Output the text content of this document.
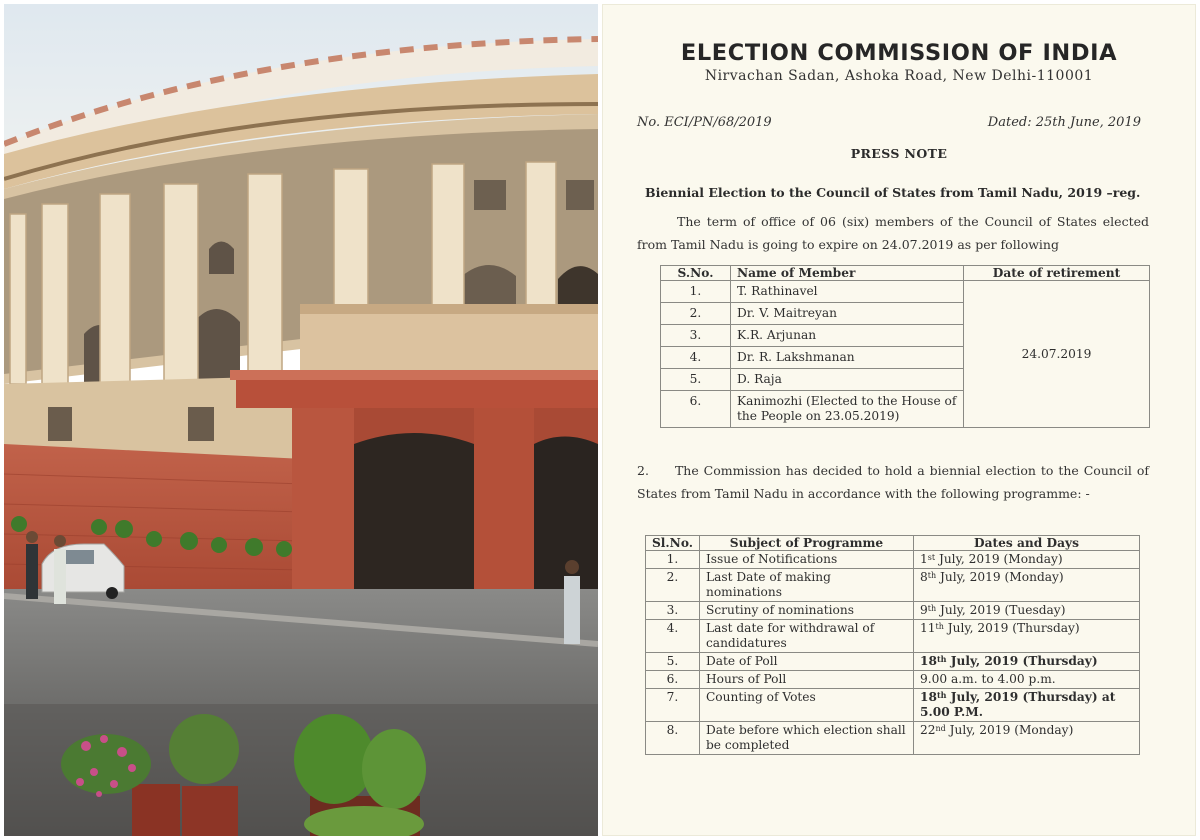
ELECTION COMMISSION OF INDIA
Nirvachan Sadan, Ashoka Road, New Delhi-110001
No. ECI/PN/68/2019	Dated: 25th June, 2019
PRESS NOTE
Biennial Election to the Council of States from Tamil Nadu, 2019 –reg.

The term of office of 06 (six) members of the Council of States elected from Tamil Nadu is going to expire on 24.07.2019 as per following

S.No.	Name of Member	Date of retirement
1.	T. Rathinavel	24.07.2019
2.	Dr. V. Maitreyan	
3.	K.R. Arjunan	
4.	Dr. R. Lakshmanan	
5.	D. Raja	
6.	Kanimozhi (Elected to the House of the People on 23.05.2019)	

2. The Commission has decided to hold a biennial election to the Council of States from Tamil Nadu in accordance with the following programme: -

Sl.No.	Subject of Programme	Dates and Days
1.	Issue of Notifications	1st July, 2019 (Monday)
2.	Last Date of making nominations	8th July, 2019 (Monday)
3.	Scrutiny of nominations	9th July, 2019 (Tuesday)
4.	Last date for withdrawal of candidatures	11th July, 2019 (Thursday)
5.	Date of Poll	18th July, 2019 (Thursday)
6.	Hours of Poll	9.00 a.m. to 4.00 p.m.
7.	Counting of Votes	18th July, 2019 (Thursday) at 5.00 P.M.
8.	Date before which election shall be completed	22nd July, 2019 (Monday)
